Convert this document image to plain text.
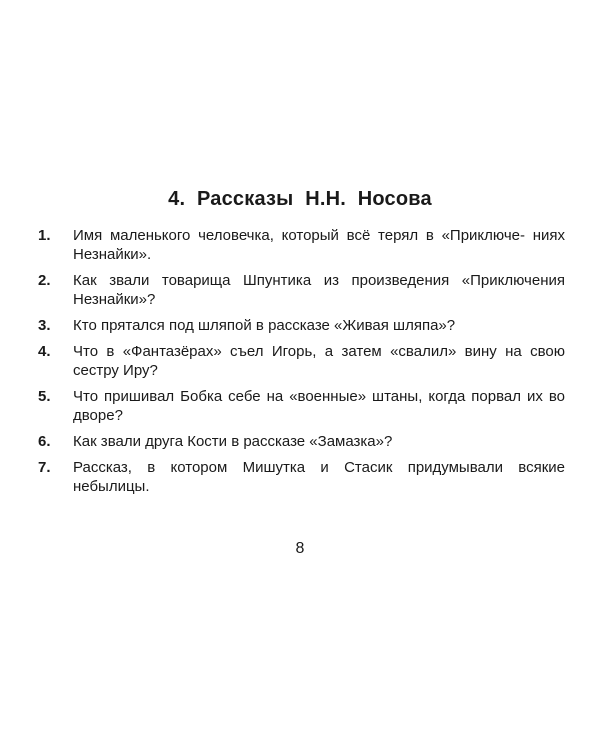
4. Рассказы Н.Н. Носова
1.	Имя маленького человечка, который всё терял в «Приключе- ниях Незнайки».
2.	Как звали товарища Шпунтика из произведения «Приключения Незнайки»?
3.	Кто прятался под шляпой в рассказе «Живая шляпа»?
4.	Что в «Фантазёрах» съел Игорь, а затем «свалил» вину на свою сестру Иру?
5.	Что пришивал Бобка себе на «военные» штаны, когда порвал их во дворе?
6.	Как звали друга Кости в рассказе «Замазка»?
7.	Рассказ, в котором Мишутка и Стасик придумывали всякие небылицы.
8
